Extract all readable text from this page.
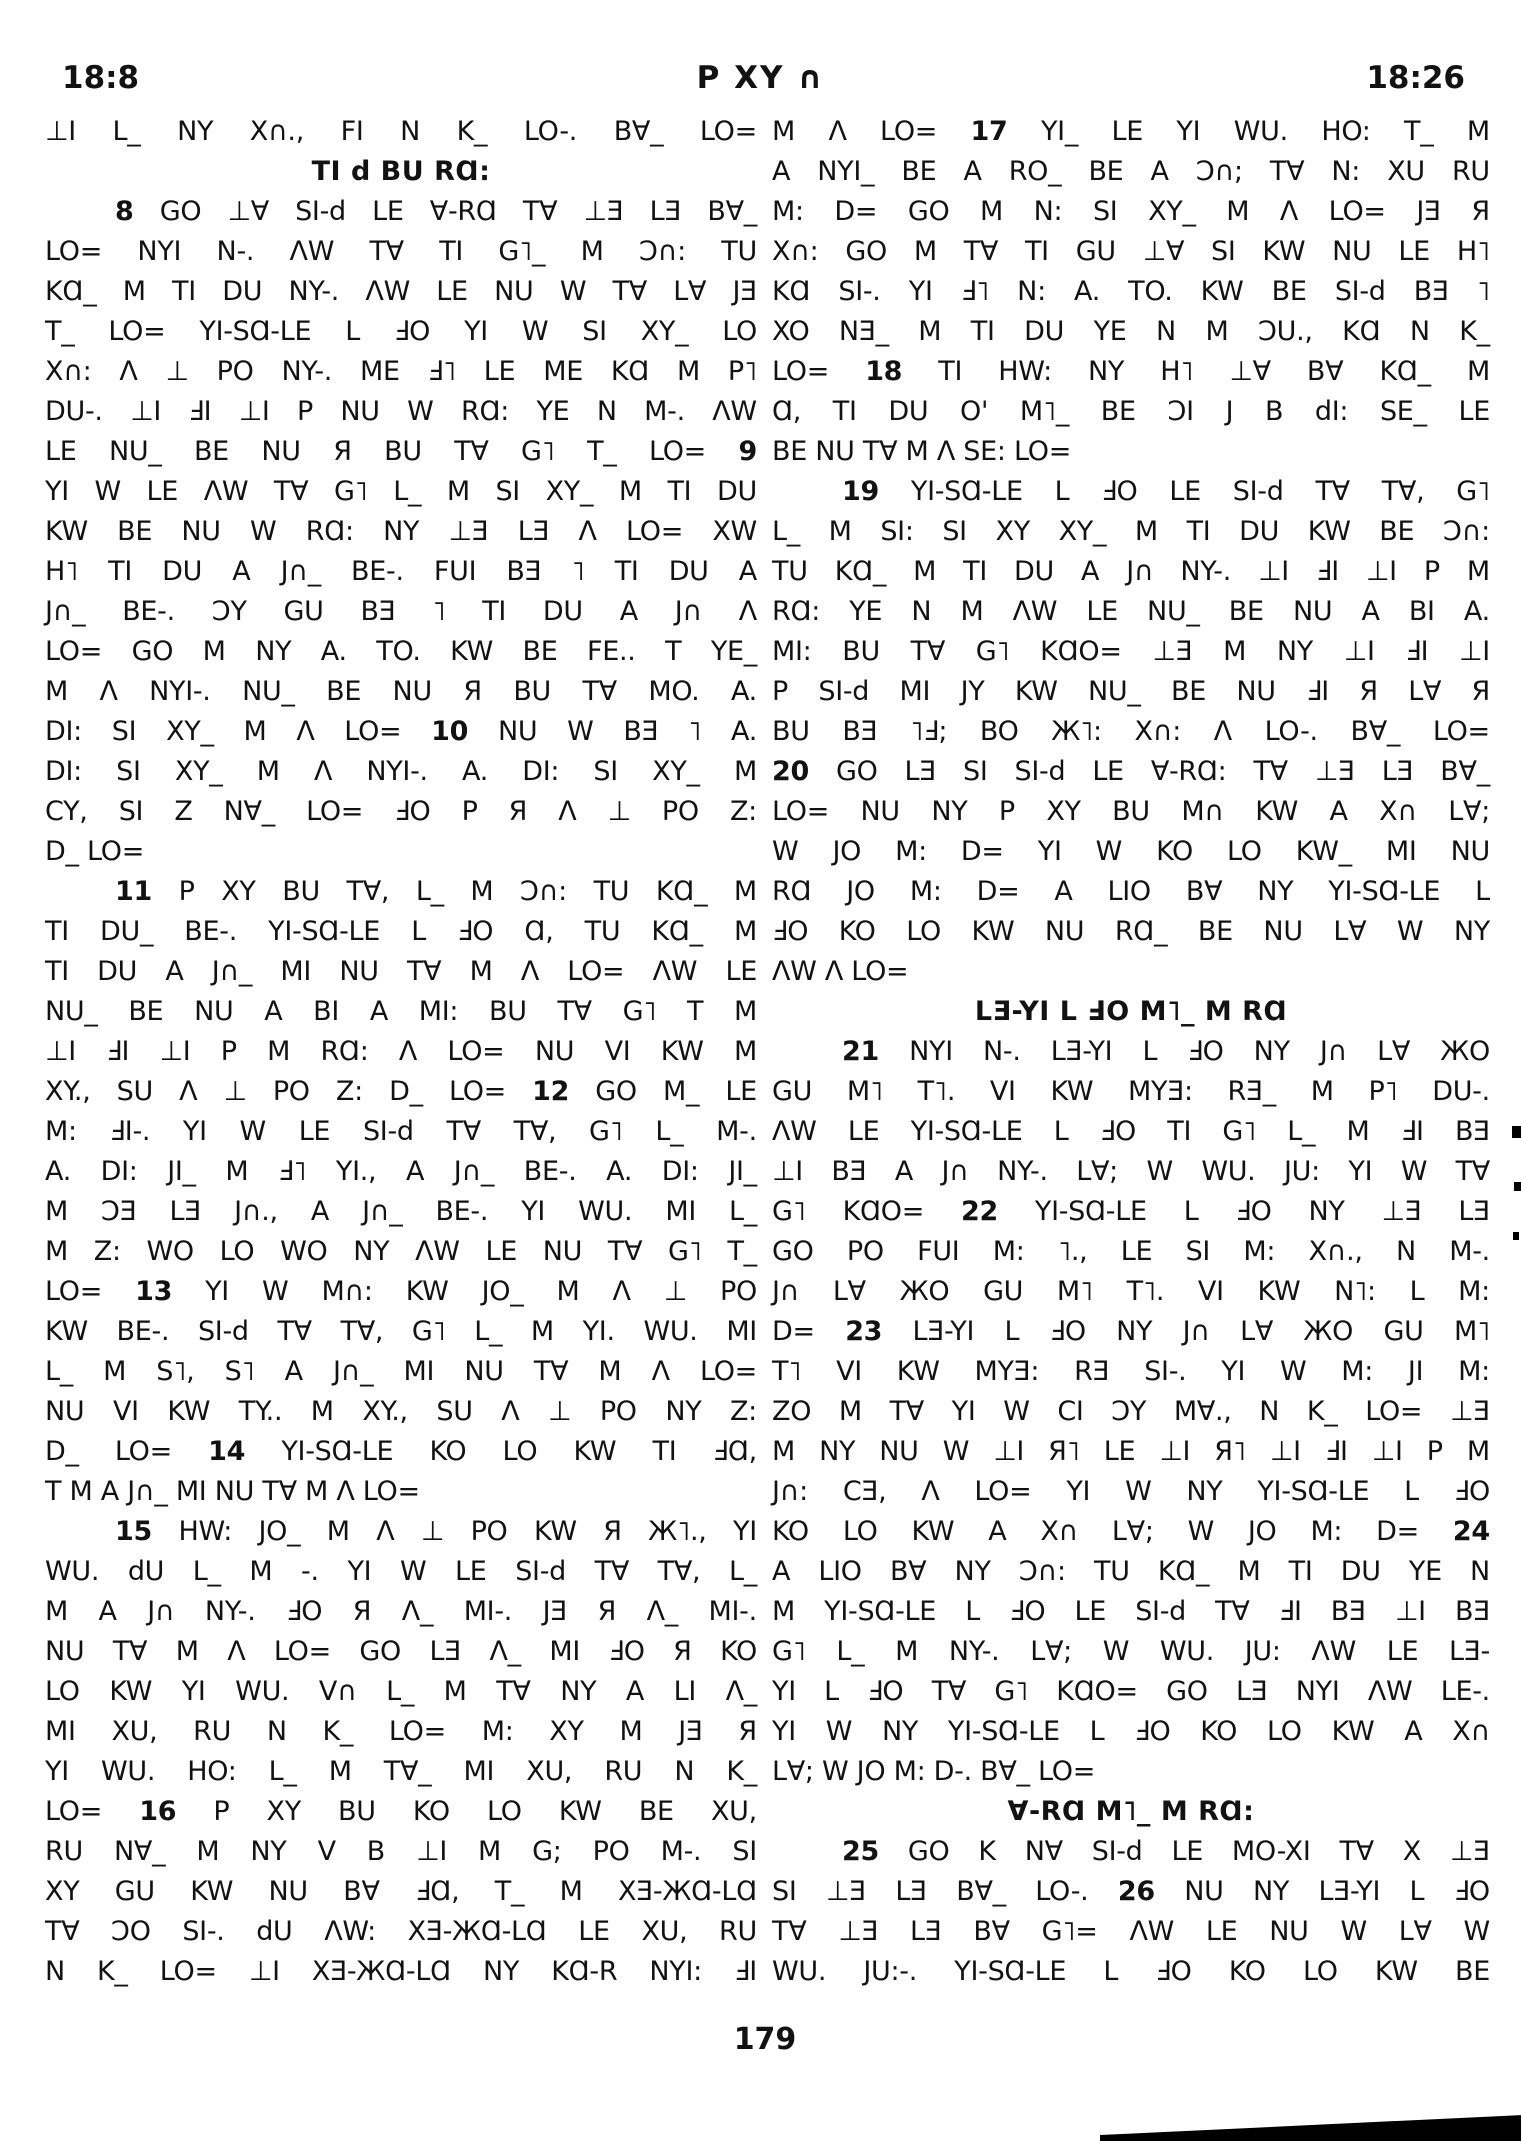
18:8	P XY ∩	18:26
⊥I L_ NY X∩., FI N K_ LO-. B∀_ LO=
TI d BU RⱭ:
8 GO ⊥∀ SI-d LE ∀-RⱭ T∀ ⊥Ǝ LƎ B∀_
LO= NYI N-. ΛW T∀ TI G˥_ M Ɔ∩: TU
KⱭ_ M TI DU NY-. ΛW LE NU W T∀ L∀ JƎ
T_ LO= YI-SⱭ-LE L ℲO YI W SI XY_ LO
X∩: Λ ⊥ PO NY-. ME Ⅎ˥ LE ME KⱭ M P˥
DU-. ⊥I ℲI ⊥I P NU W RⱭ: YE N M-. ΛW
LE NU_ BE NU Я BU T∀ G˥ T_ LO= 9
YI W LE ΛW T∀ G˥ L_ M SI XY_ M TI DU
KW BE NU W RⱭ: NY ⊥Ǝ LƎ Λ LO= XW
H˥ TI DU A J∩_ BE-. FUI BƎ ˥ TI DU A
J∩_ BE-. ƆY GU BƎ ˥ TI DU A J∩ Λ
LO= GO M NY A. TO. KW BE FE.. T YE_
M Λ NYI-. NU_ BE NU Я BU T∀ MO. A.
DI: SI XY_ M Λ LO= 10 NU W BƎ ˥ A.
DI: SI XY_ M Λ NYI-. A. DI: SI XY_ M
CY, SI Z N∀_ LO= ℲO P Я Λ ⊥ PO Z:
D_ LO=
11 P XY BU T∀, L_ M Ɔ∩: TU KⱭ_ M
TI DU_ BE-. YI-SⱭ-LE L ℲO Ɑ, TU KⱭ_ M
TI DU A J∩_ MI NU T∀ M Λ LO= ΛW LE
NU_ BE NU A BI A MI: BU T∀ G˥ T M
⊥I ℲI ⊥I P M RⱭ: Λ LO= NU VI KW M
XY., SU Λ ⊥ PO Z: D_ LO= 12 GO M_ LE
M: ℲI-. YI W LE SI-d T∀ T∀, G˥ L_ M-.
A. DI: JI_ M Ⅎ˥ YI., A J∩_ BE-. A. DI: JI_
M ƆƎ LƎ J∩., A J∩_ BE-. YI WU. MI L_
M Z: WO LO WO NY ΛW LE NU T∀ G˥ T_
LO= 13 YI W M∩: KW JO_ M Λ ⊥ PO
KW BE-. SI-d T∀ T∀, G˥ L_ M YI. WU. MI
L_ M S˥, S˥ A J∩_ MI NU T∀ M Λ LO=
NU VI KW TY.. M XY., SU Λ ⊥ PO NY Z:
D_ LO= 14 YI-SⱭ-LE KO LO KW TI ℲⱭ,
T M A J∩_ MI NU T∀ M Λ LO=
15 HW: JO_ M Λ ⊥ PO KW Я Ж˥., YI
WU. dU L_ M -. YI W LE SI-d T∀ T∀, L_
M A J∩ NY-. ℲO Я Λ_ MI-. JƎ Я Λ_ MI-.
NU T∀ M Λ LO= GO LƎ Λ_ MI ℲO Я KO
LO KW YI WU. V∩ L_ M T∀ NY A LI Λ_
MI XU, RU N K_ LO= M: XY M JƎ Я
YI WU. HO: L_ M T∀_ MI XU, RU N K_
LO= 16 P XY BU KO LO KW BE XU,
RU N∀_ M NY V B ⊥I M G; PO M-. SI
XY GU KW NU B∀ ℲⱭ, T_ M XƎ-ЖⱭ-LⱭ
T∀ ƆO SI-. dU ΛW: XƎ-ЖⱭ-LⱭ LE XU, RU
N K_ LO= ⊥I XƎ-ЖⱭ-LⱭ NY KⱭ-R NYI: ℲI
M Λ LO= 17 YI_ LE YI WU. HO: T_ M
A NYI_ BE A RO_ BE A Ɔ∩; T∀ N: XU RU
M: D= GO M N: SI XY_ M Λ LO= JƎ Я
X∩: GO M T∀ TI GU ⊥∀ SI KW NU LE H˥
KⱭ SI-. YI Ⅎ˥ N: A. TO. KW BE SI-d BƎ ˥
XO NƎ_ M TI DU YE N M ƆU., KⱭ N K_
LO= 18 TI HW: NY H˥ ⊥∀ B∀ KⱭ_ M
Ɑ, TI DU O' M˥_ BE ƆI J B dI: SE_ LE
BE NU T∀ M Λ SE: LO=
19 YI-SⱭ-LE L ℲO LE SI-d T∀ T∀, G˥
L_ M SI: SI XY XY_ M TI DU KW BE Ɔ∩:
TU KⱭ_ M TI DU A J∩ NY-. ⊥I ℲI ⊥I P M
RⱭ: YE N M ΛW LE NU_ BE NU A BI A.
MI: BU T∀ G˥ KⱭO= ⊥Ǝ M NY ⊥I ℲI ⊥I
P SI-d MI JY KW NU_ BE NU ℲI Я L∀ Я
BU BƎ ˥Ⅎ; BO Ж˥: X∩: Λ LO-. B∀_ LO=
20 GO LƎ SI SI-d LE ∀-RⱭ: T∀ ⊥Ǝ LƎ B∀_
LO= NU NY P XY BU M∩ KW A X∩ L∀;
W JO M: D= YI W KO LO KW_ MI NU
RⱭ JO M: D= A LIO B∀ NY YI-SⱭ-LE L
ℲO KO LO KW NU RⱭ_ BE NU L∀ W NY
ΛW Λ LO=
LƎ-YI L ℲO M˥_ M RⱭ
21 NYI N-. LƎ-YI L ℲO NY J∩ L∀ ЖO
GU M˥ T˥. VI KW MYƎ: RƎ_ M P˥ DU-.
ΛW LE YI-SⱭ-LE L ℲO TI G˥ L_ M ℲI BƎ
⊥I BƎ A J∩ NY-. L∀; W WU. JU: YI W T∀
G˥ KⱭO= 22 YI-SⱭ-LE L ℲO NY ⊥Ǝ LƎ
GO PO FUI M: ˥., LE SI M: X∩., N M-.
J∩ L∀ ЖO GU M˥ T˥. VI KW N˥: L M:
D= 23 LƎ-YI L ℲO NY J∩ L∀ ЖO GU M˥
T˥ VI KW MYƎ: RƎ SI-. YI W M: JI M:
ZO M T∀ YI W CI ƆY M∀., N K_ LO= ⊥Ǝ
M NY NU W ⊥I Я˥ LE ⊥I Я˥ ⊥I ℲI ⊥I P M
J∩: CƎ, Λ LO= YI W NY YI-SⱭ-LE L ℲO
KO LO KW A X∩ L∀; W JO M: D= 24
A LIO B∀ NY Ɔ∩: TU KⱭ_ M TI DU YE N
M YI-SⱭ-LE L ℲO LE SI-d T∀ ℲI BƎ ⊥I BƎ
G˥ L_ M NY-. L∀; W WU. JU: ΛW LE LƎ-
YI L ℲO T∀ G˥ KⱭO= GO LƎ NYI ΛW LE-.
YI W NY YI-SⱭ-LE L ℲO KO LO KW A X∩
L∀; W JO M: D-. B∀_ LO=
∀-RⱭ M˥_ M RⱭ:
25 GO K N∀ SI-d LE MO-XI T∀ X ⊥Ǝ
SI ⊥Ǝ LƎ B∀_ LO-. 26 NU NY LƎ-YI L ℲO
T∀ ⊥Ǝ LƎ B∀ G˥= ΛW LE NU W L∀ W
WU. JU:-. YI-SⱭ-LE L ℲO KO LO KW BE
179
